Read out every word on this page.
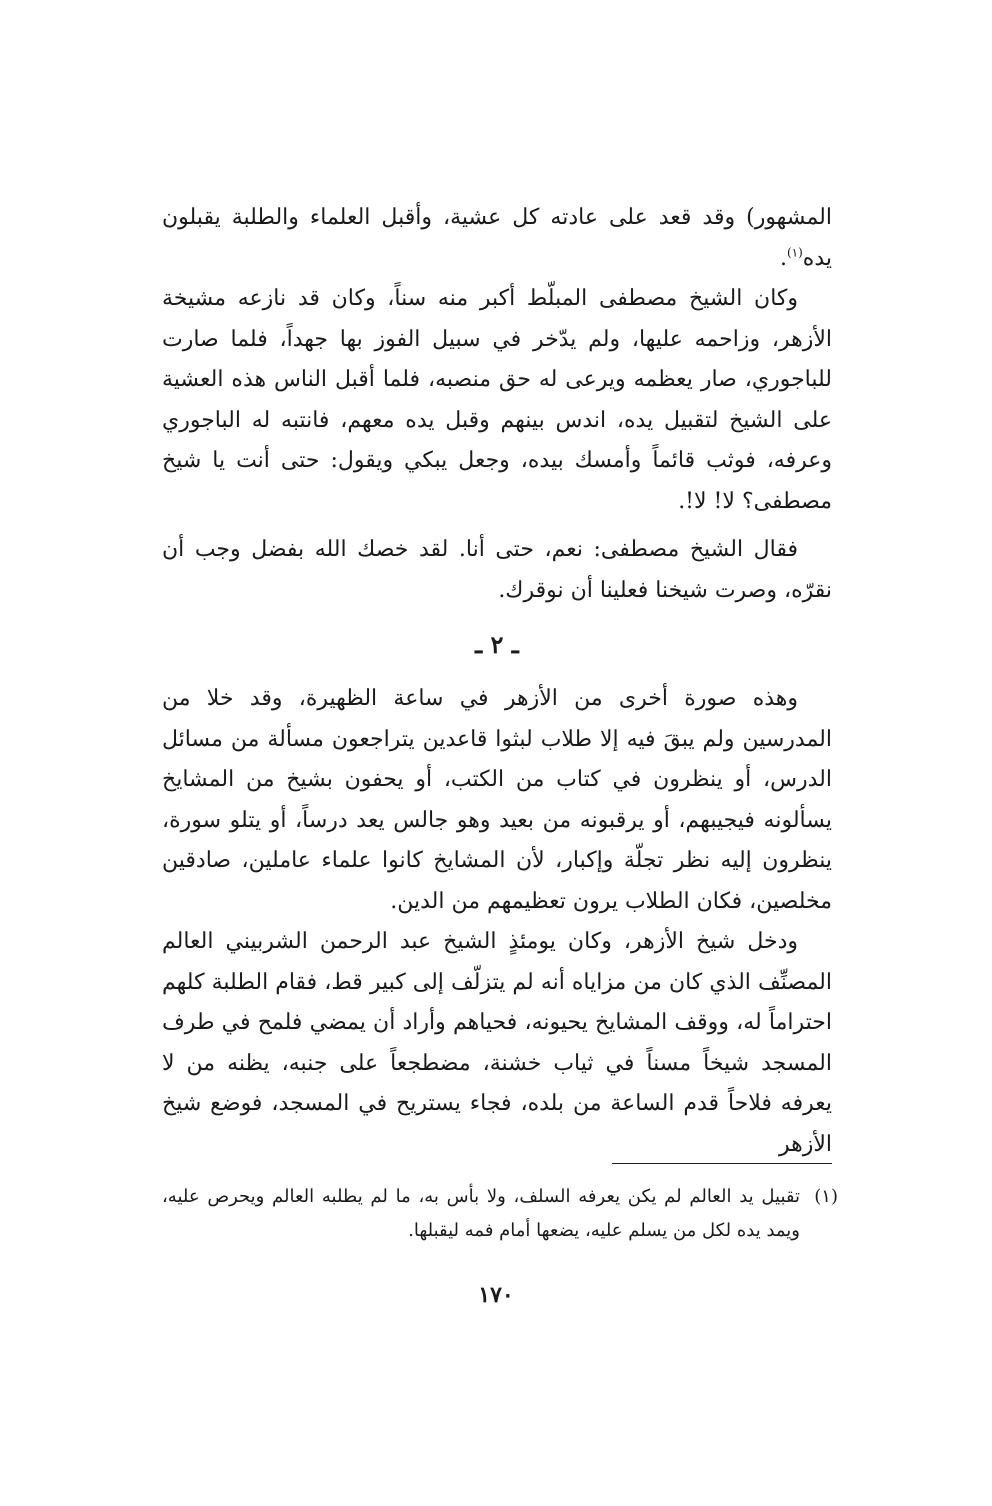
المشهور) وقد قعد على عادته كل عشية، وأقبل العلماء والطلبة يقبلون يده$^{(١)}$.

وكان الشيخ مصطفى المبلّط أكبر منه سناً، وكان قد نازعه مشيخة الأزهر، وزاحمه عليها، ولم يدّخر في سبيل الفوز بها جهداً، فلما صارت للباجوري، صار يعظمه ويرعى له حق منصبه، فلما أقبل الناس هذه العشية على الشيخ لتقبيل يده، اندس بينهم وقبل يده معهم، فانتبه له الباجوري وعرفه، فوثب قائماً وأمسك بيده، وجعل يبكي ويقول: حتى أنت يا شيخ مصطفى؟ لا! لا!.

فقال الشيخ مصطفى: نعم، حتى أنا. لقد خصك الله بفضل وجب أن نقرّه، وصرت شيخنا فعلينا أن نوقرك.

ـ ٢ ـ

وهذه صورة أخرى من الأزهر في ساعة الظهيرة، وقد خلا من المدرسين ولم يبقَ فيه إلا طلاب لبثوا قاعدين يتراجعون مسألة من مسائل الدرس، أو ينظرون في كتاب من الكتب، أو يحفون بشيخ من المشايخ يسألونه فيجيبهم، أو يرقبونه من بعيد وهو جالس يعد درساً، أو يتلو سورة، ينظرون إليه نظر تجلّة وإكبار، لأن المشايخ كانوا علماء عاملين، صادقين مخلصين، فكان الطلاب يرون تعظيمهم من الدين.

ودخل شيخ الأزهر، وكان يومئذٍ الشيخ عبد الرحمن الشربيني العالم المصنِّف الذي كان من مزاياه أنه لم يتزلّف إلى كبير قط، فقام الطلبة كلهم احتراماً له، ووقف المشايخ يحيونه، فحياهم وأراد أن يمضي فلمح في طرف المسجد شيخاً مسناً في ثياب خشنة، مضطجعاً على جنبه، يظنه من لا يعرفه فلاحاً قدم الساعة من بلده، فجاء يستريح في المسجد، فوضع شيخ الأزهر

(١)
تقبيل يد العالم لم يكن يعرفه السلف، ولا بأس به، ما لم يطلبه العالم ويحرص عليه، ويمد يده لكل من يسلم عليه، يضعها أمام فمه ليقبلها.
١٧٠
